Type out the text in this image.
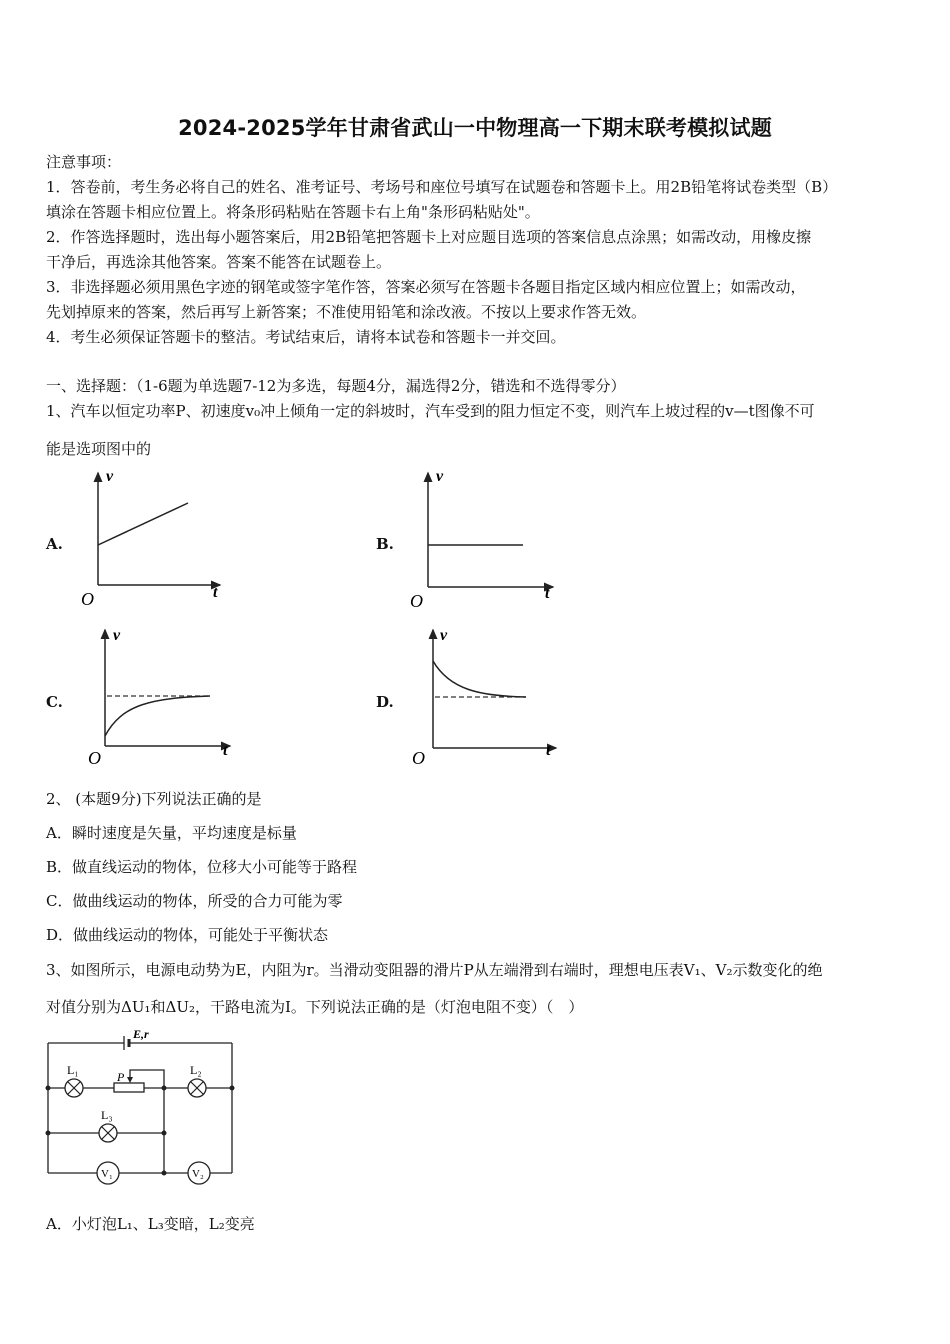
2024-2025学年甘肃省武山一中物理高一下期末联考模拟试题
注意事项：
1．答卷前，考生务必将自己的姓名、准考证号、考场号和座位号填写在试题卷和答题卡上。用2B铅笔将试卷类型（B）
填涂在答题卡相应位置上。将条形码粘贴在答题卡右上角"条形码粘贴处"。
2．作答选择题时，选出每小题答案后，用2B铅笔把答题卡上对应题目选项的答案信息点涂黑；如需改动，用橡皮擦
干净后，再选涂其他答案。答案不能答在试题卷上。
3．非选择题必须用黑色字迹的钢笔或签字笔作答，答案必须写在答题卡各题目指定区域内相应位置上；如需改动，
先划掉原来的答案，然后再写上新答案；不准使用铅笔和涂改液。不按以上要求作答无效。
4．考生必须保证答题卡的整洁。考试结束后，请将本试卷和答题卡一并交回。
一、选择题：（1-6题为单选题7-12为多选，每题4分，漏选得2分，错选和不选得零分）
1、汽车以恒定功率P、初速度v₀冲上倾角一定的斜坡时，汽车受到的阻力恒定不变，则汽车上坡过程的v—t图像不可
能是选项图中的
A.	B.
C.	D.
v
t
O
v
t
O
v
t
O
v
t
O
2、 (本题9分)下列说法正确的是
A．瞬时速度是矢量，平均速度是标量
B．做直线运动的物体，位移大小可能等于路程
C．做曲线运动的物体，所受的合力可能为零
D．做曲线运动的物体，可能处于平衡状态
3、如图所示，电源电动势为E，内阻为r。当滑动变阻器的滑片P从左端滑到右端时，理想电压表V₁、V₂示数变化的绝
对值分别为ΔU₁和ΔU₂，干路电流为I。下列说法正确的是（灯泡电阻不变）（　）
E,r
L₁	L₂
L₃
P
V₁	V₂
A．小灯泡L₁、L₃变暗，L₂变亮
